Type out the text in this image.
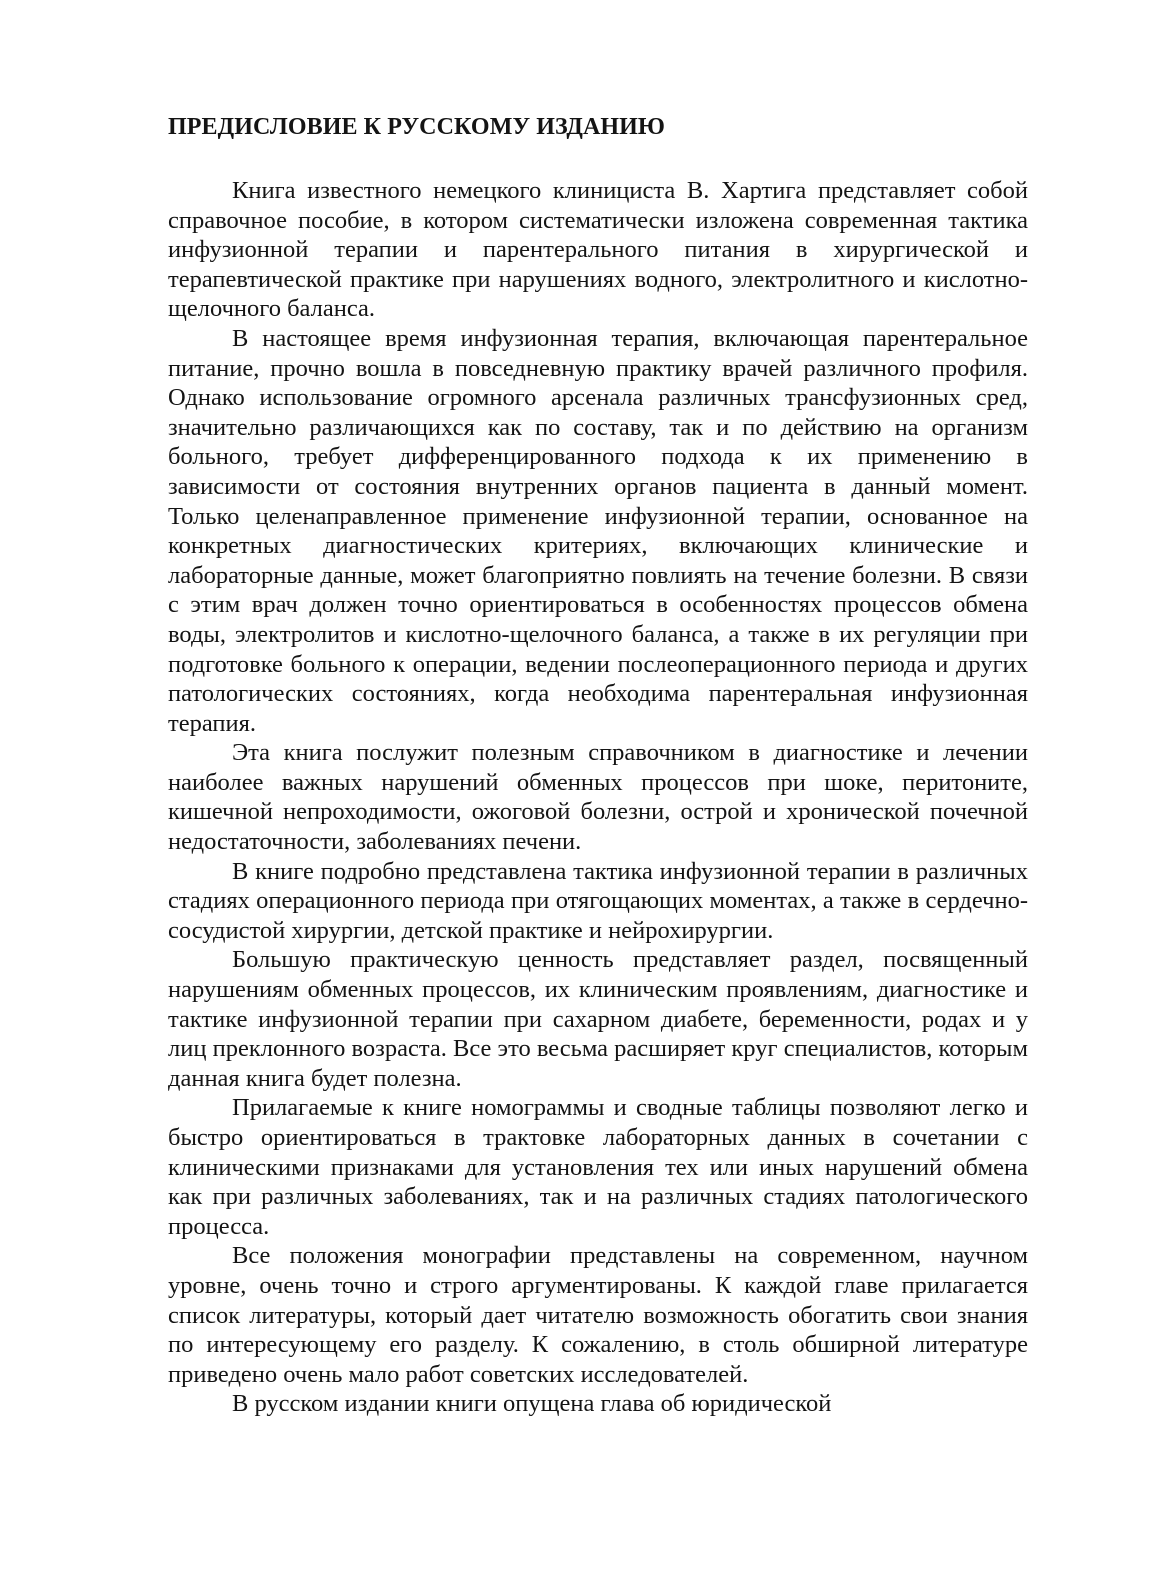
ПРЕДИСЛОВИЕ К РУССКОМУ ИЗДАНИЮ

Книга известного немецкого клинициста В. Хартига представляет собой справочное пособие, в котором систематически изложена современная тактика инфузионной терапии и парентерального питания в хирургической и терапевтической практике при нарушениях водного, электролитного и кислотно-щелочного баланса.

В настоящее время инфузионная терапия, включающая парентеральное питание, прочно вошла в повседневную практику врачей различного профиля. Однако использование огромного арсенала различных трансфузионных сред, значительно различающихся как по составу, так и по действию на организм больного, требует дифференцированного подхода к их применению в зависимости от состояния внутренних органов пациента в данный момент. Только целенаправленное применение инфузионной терапии, основанное на конкретных диагностических критериях, включающих клинические и лабораторные данные, может благоприятно повлиять на течение болезни. В связи с этим врач должен точно ориентироваться в особенностях процессов обмена воды, электролитов и кислотно-щелочного баланса, а также в их регуляции при подготовке больного к операции, ведении послеоперационного периода и других патологических состояниях, когда необходима парентеральная инфузионная терапия.

Эта книга послужит полезным справочником в диагностике и лечении наиболее важных нарушений обменных процессов при шоке, перитоните, кишечной непроходимости, ожоговой болезни, острой и хронической почечной недостаточности, заболеваниях печени.

В книге подробно представлена тактика инфузионной терапии в различных стадиях операционного периода при отягощающих моментах, а также в сердечно-сосудистой хирургии, детской практике и нейрохирургии.

Большую практическую ценность представляет раздел, посвященный нарушениям обменных процессов, их клиническим проявлениям, диагностике и тактике инфузионной терапии при сахарном диабете, беременности, родах и у лиц преклонного возраста. Все это весьма расширяет круг специалистов, которым данная книга будет полезна.

Прилагаемые к книге номограммы и сводные таблицы позволяют легко и быстро ориентироваться в трактовке лабораторных данных в сочетании с клиническими признаками для установления тех или иных нарушений обмена как при различных заболеваниях, так и на различных стадиях патологического процесса.

Все положения монографии представлены на современном, научном уровне, очень точно и строго аргументированы. К каждой главе прилагается список литературы, который дает читателю возможность обогатить свои знания по интересующему его разделу. К сожалению, в столь обширной литературе приведено очень мало работ советских исследователей.

В русском издании книги опущена глава об юридической
